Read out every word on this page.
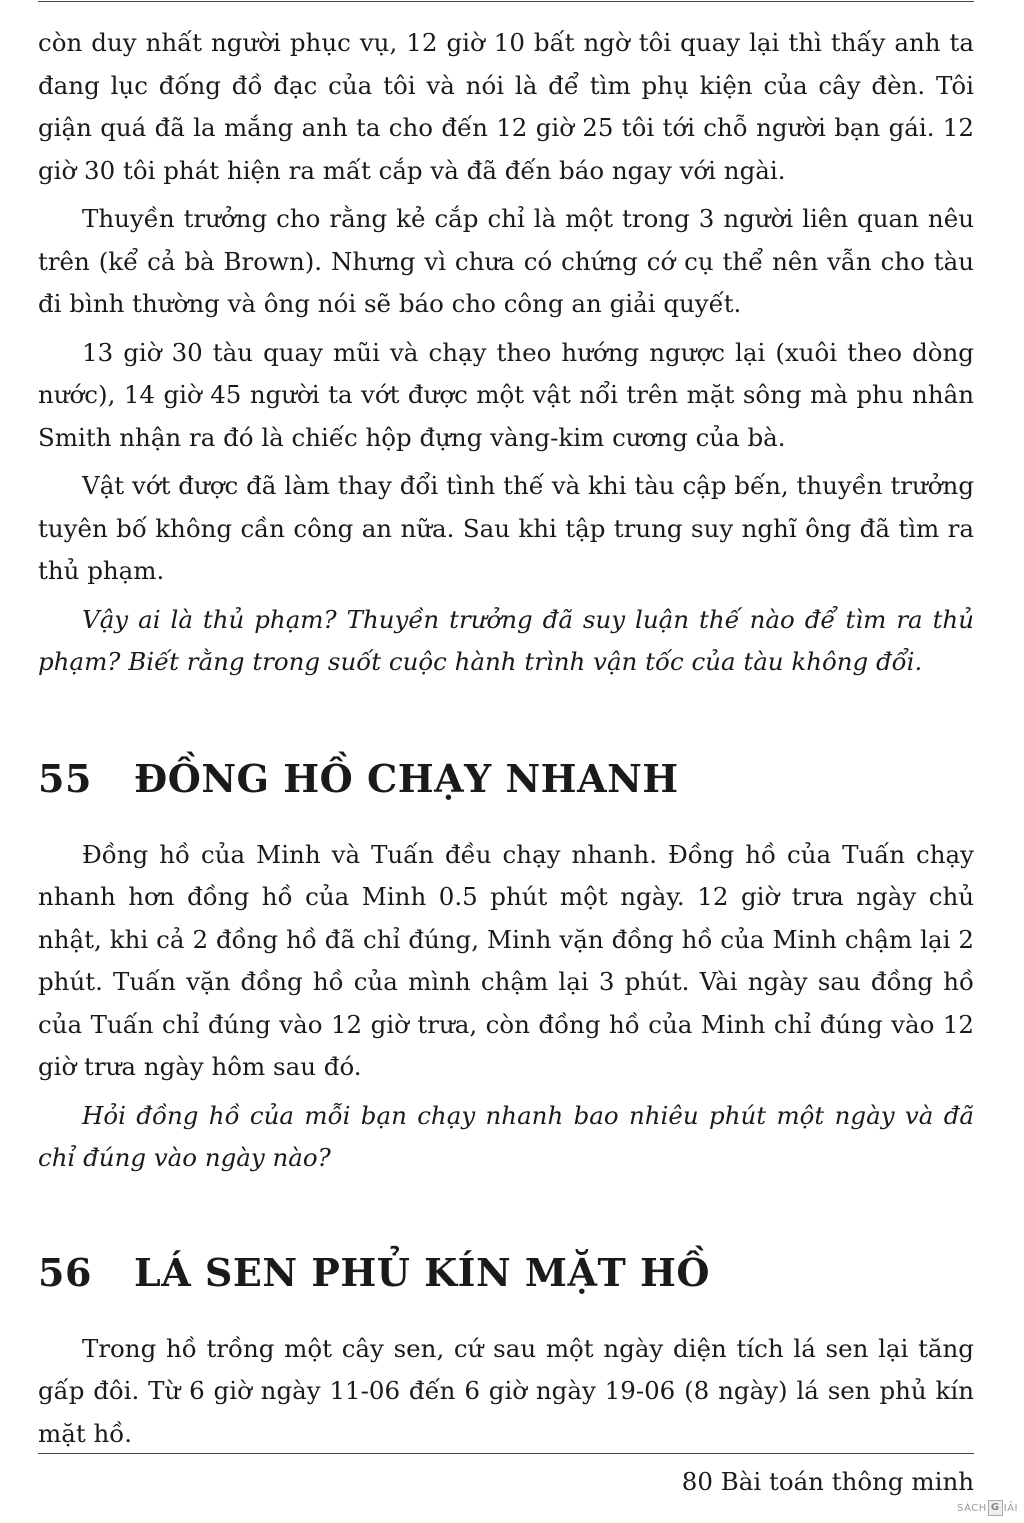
còn duy nhất người phục vụ, 12 giờ 10 bất ngờ tôi quay lại thì thấy anh ta đang lục đống đồ đạc của tôi và nói là để tìm phụ kiện của cây đèn. Tôi giận quá đã la mắng anh ta cho đến 12 giờ 25 tôi tới chỗ người bạn gái. 12 giờ 30 tôi phát hiện ra mất cắp và đã đến báo ngay với ngài.

Thuyền trưởng cho rằng kẻ cắp chỉ là một trong 3 người liên quan nêu trên (kể cả bà Brown). Nhưng vì chưa có chứng cớ cụ thể nên vẫn cho tàu đi bình thường và ông nói sẽ báo cho công an giải quyết.

13 giờ 30 tàu quay mũi và chạy theo hướng ngược lại (xuôi theo dòng nước), 14 giờ 45 người ta vớt được một vật nổi trên mặt sông mà phu nhân Smith nhận ra đó là chiếc hộp đựng vàng-kim cương của bà.

Vật vớt được đã làm thay đổi tình thế và khi tàu cập bến, thuyền trưởng tuyên bố không cần công an nữa. Sau khi tập trung suy nghĩ ông đã tìm ra thủ phạm.

Vậy ai là thủ phạm? Thuyền trưởng đã suy luận thế nào để tìm ra thủ phạm? Biết rằng trong suốt cuộc hành trình vận tốc của tàu không đổi.

55 ĐỒNG HỒ CHẠY NHANH

Đồng hồ của Minh và Tuấn đều chạy nhanh. Đồng hồ của Tuấn chạy nhanh hơn đồng hồ của Minh 0.5 phút một ngày. 12 giờ trưa ngày chủ nhật, khi cả 2 đồng hồ đã chỉ đúng, Minh vặn đồng hồ của Minh chậm lại 2 phút. Tuấn vặn đồng hồ của mình chậm lại 3 phút. Vài ngày sau đồng hồ của Tuấn chỉ đúng vào 12 giờ trưa, còn đồng hồ của Minh chỉ đúng vào 12 giờ trưa ngày hôm sau đó.

Hỏi đồng hồ của mỗi bạn chạy nhanh bao nhiêu phút một ngày và đã chỉ đúng vào ngày nào?

56 LÁ SEN PHỦ KÍN MẶT HỒ

Trong hồ trồng một cây sen, cứ sau một ngày diện tích lá sen lại tăng gấp đôi. Từ 6 giờ ngày 11-06 đến 6 giờ ngày 19-06 (8 ngày) lá sen phủ kín mặt hồ.

80 Bài toán thông minh
SÁCH G IẢI
